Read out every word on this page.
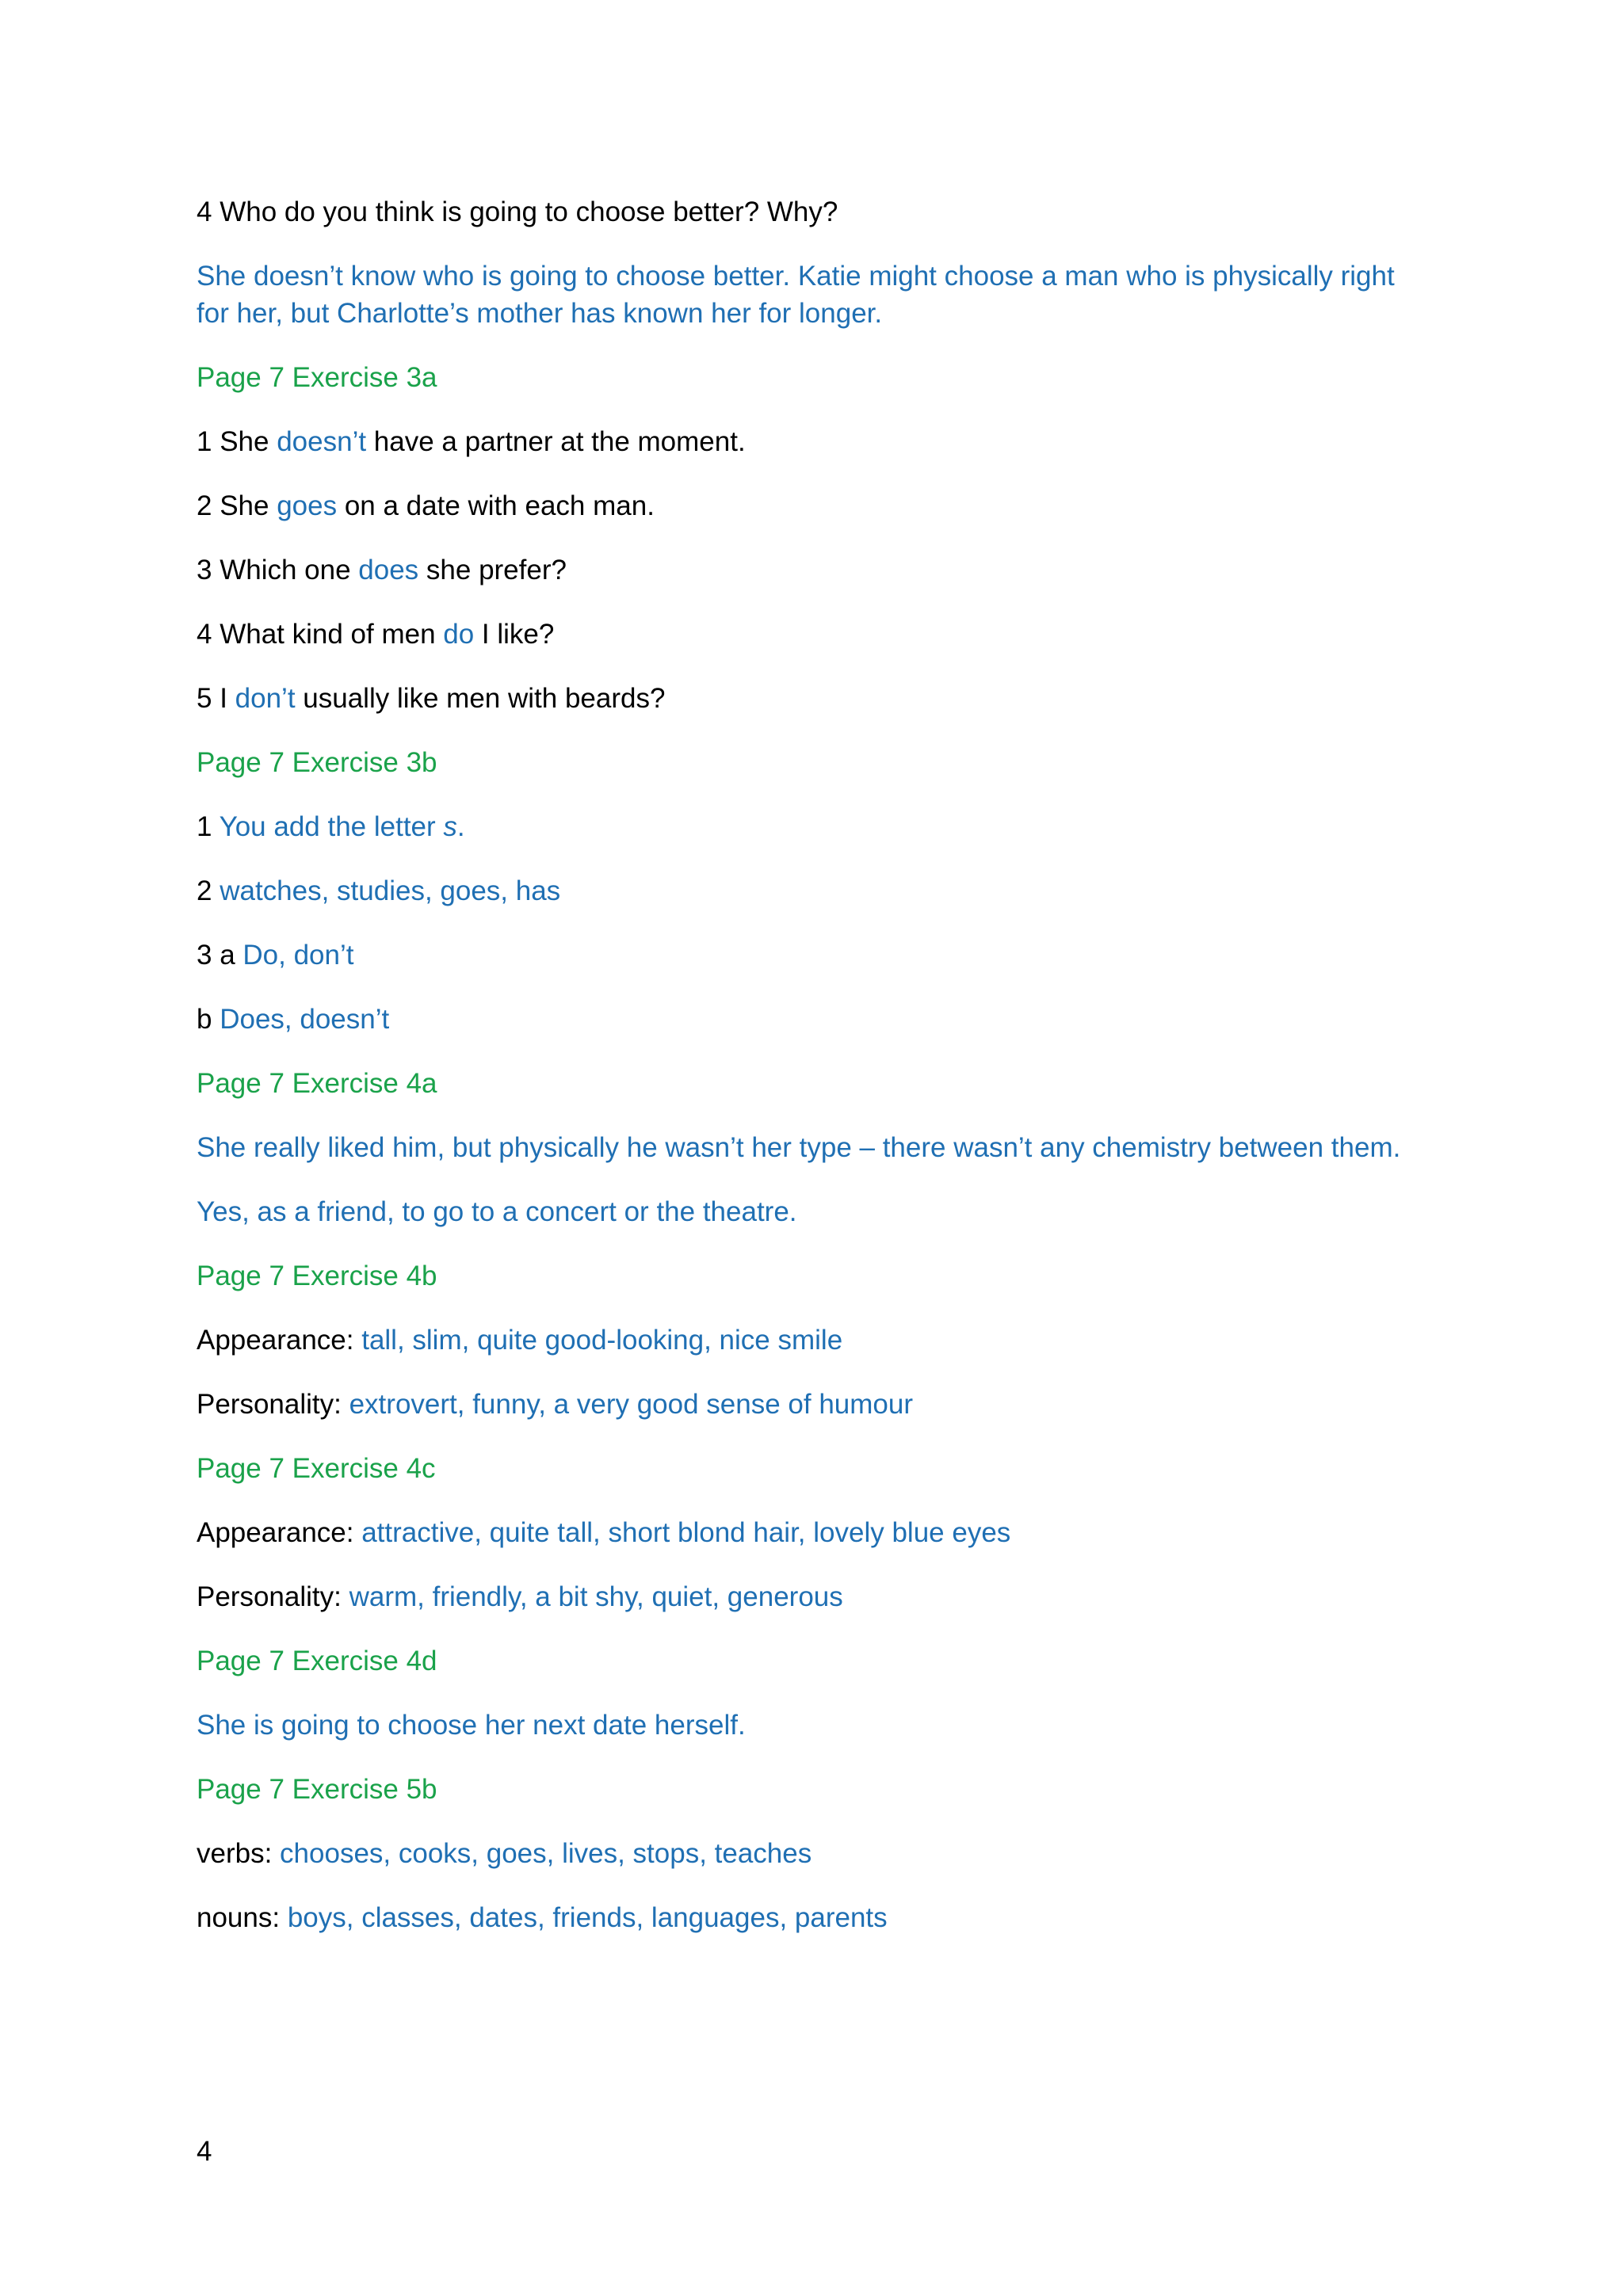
4 Who do you think is going to choose better? Why?

She doesn’t know who is going to choose better. Katie might choose a man who is physically right for her, but Charlotte’s mother has known her for longer.

Page 7 Exercise 3a

1 She doesn’t have a partner at the moment.

2 She goes on a date with each man.

3 Which one does she prefer?

4 What kind of men do I like?

5 I don’t usually like men with beards?

Page 7 Exercise 3b

1 You add the letter s.

2 watches, studies, goes, has

3 a Do, don’t

b Does, doesn’t

Page 7 Exercise 4a

She really liked him, but physically he wasn’t her type – there wasn’t any chemistry between them.

Yes, as a friend, to go to a concert or the theatre.

Page 7 Exercise 4b

Appearance: tall, slim, quite good-looking, nice smile

Personality: extrovert, funny, a very good sense of humour

Page 7 Exercise 4c

Appearance: attractive, quite tall, short blond hair, lovely blue eyes

Personality: warm, friendly, a bit shy, quiet, generous

Page 7 Exercise 4d

She is going to choose her next date herself.

Page 7 Exercise 5b

verbs: chooses, cooks, goes, lives, stops, teaches

nouns: boys, classes, dates, friends, languages, parents

4
